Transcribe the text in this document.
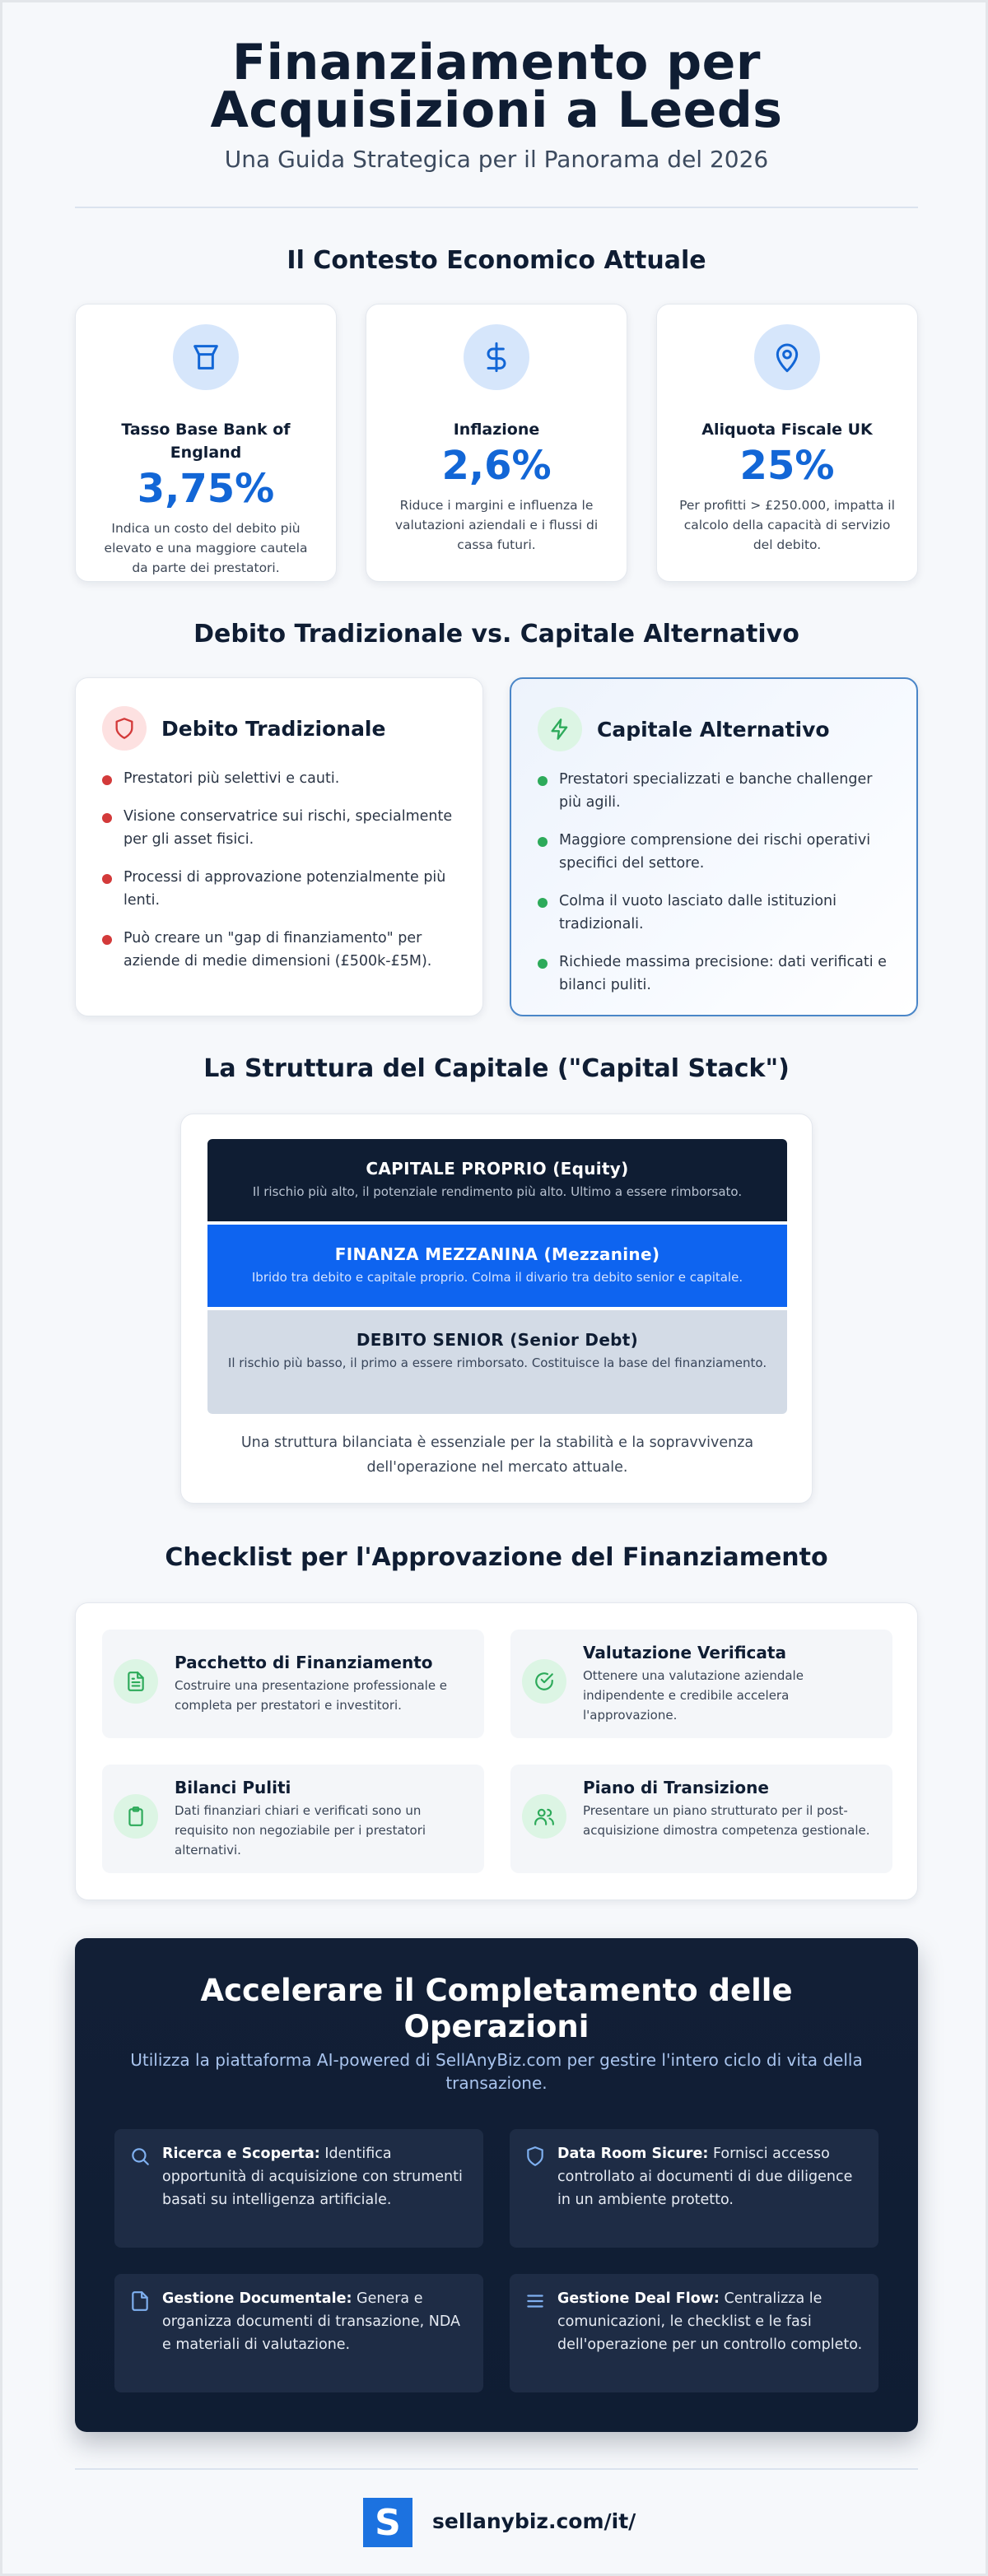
Finanziamento per
Acquisizioni a Leeds
Una Guida Strategica per il Panorama del 2026
Il Contesto Economico Attuale
Tasso Base Bank of England
3,75%
Indica un costo del debito più elevato e una maggiore cautela da parte dei prestatori.
Inflazione
2,6%
Riduce i margini e influenza le valutazioni aziendali e i flussi di cassa futuri.
Aliquota Fiscale UK
25%
Per profitti > £250.000, impatta il calcolo della capacità di servizio del debito.
Debito Tradizionale vs. Capitale Alternativo
Debito Tradizionale
Prestatori più selettivi e cauti.
Visione conservatrice sui rischi, specialmente per gli asset fisici.
Processi di approvazione potenzialmente più lenti.
Può creare un "gap di finanziamento" per aziende di medie dimensioni (£500k-£5M).
Capitale Alternativo
Prestatori specializzati e banche challenger più agili.
Maggiore comprensione dei rischi operativi specifici del settore.
Colma il vuoto lasciato dalle istituzioni tradizionali.
Richiede massima precisione: dati verificati e bilanci puliti.
La Struttura del Capitale ("Capital Stack")
CAPITALE PROPRIO (Equity)
Il rischio più alto, il potenziale rendimento più alto. Ultimo a essere rimborsato.
FINANZA MEZZANINA (Mezzanine)
Ibrido tra debito e capitale proprio. Colma il divario tra debito senior e capitale.
DEBITO SENIOR (Senior Debt)
Il rischio più basso, il primo a essere rimborsato. Costituisce la base del finanziamento.
Una struttura bilanciata è essenziale per la stabilità e la sopravvivenza dell'operazione nel mercato attuale.
Checklist per l'Approvazione del Finanziamento
Pacchetto di Finanziamento
Costruire una presentazione professionale e completa per prestatori e investitori.
Valutazione Verificata
Ottenere una valutazione aziendale indipendente e credibile accelera l'approvazione.
Bilanci Puliti
Dati finanziari chiari e verificati sono un requisito non negoziabile per i prestatori alternativi.
Piano di Transizione
Presentare un piano strutturato per il post-acquisizione dimostra competenza gestionale.
Accelerare il Completamento delle
Operazioni
Utilizza la piattaforma AI-powered di SellAnyBiz.com per gestire l'intero ciclo di vita della transazione.
Ricerca e Scoperta: Identifica opportunità di acquisizione con strumenti basati su intelligenza artificiale.
Data Room Sicure: Fornisci accesso controllato ai documenti di due diligence in un ambiente protetto.
Gestione Documentale: Genera e organizza documenti di transazione, NDA e materiali di valutazione.
Gestione Deal Flow: Centralizza le comunicazioni, le checklist e le fasi dell'operazione per un controllo completo.
S	sellanybiz.com/it/
